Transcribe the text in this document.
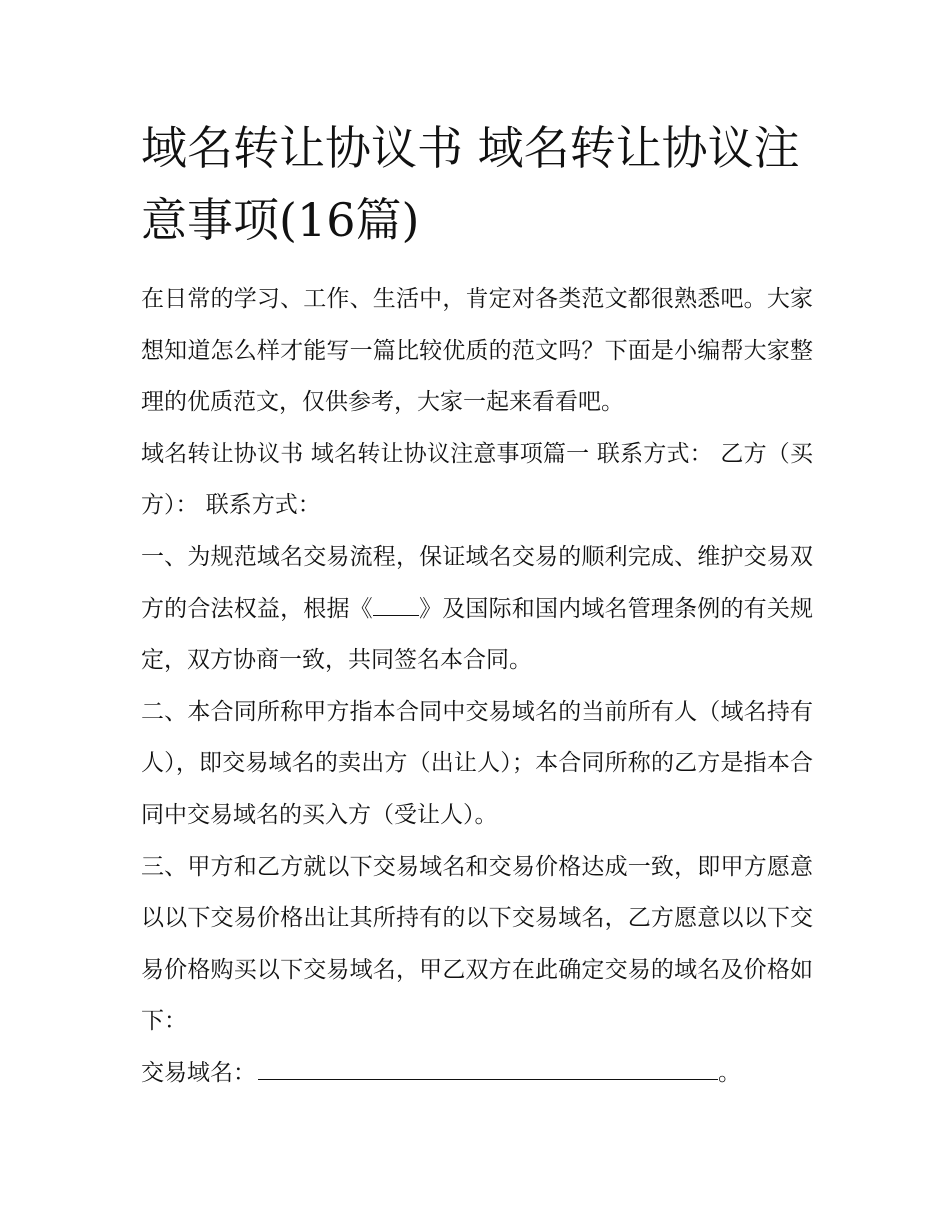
域名转让协议书 域名转让协议注意事项(16篇)

在日常的学习、工作、生活中，肯定对各类范文都很熟悉吧。大家想知道怎么样才能写一篇比较优质的范文吗？下面是小编帮大家整理的优质范文，仅供参考，大家一起来看看吧。

域名转让协议书 域名转让协议注意事项篇一 联系方式： 乙方（买方）： 联系方式：

一、为规范域名交易流程，保证域名交易的顺利完成、维护交易双方的合法权益，根据《 》及国际和国内域名管理条例的有关规定，双方协商一致，共同签名本合同。

二、本合同所称甲方指本合同中交易域名的当前所有人（域名持有人），即交易域名的卖出方（出让人）；本合同所称的乙方是指本合同中交易域名的买入方（受让人）。

三、甲方和乙方就以下交易域名和交易价格达成一致，即甲方愿意以以下交易价格出让其所持有的以下交易域名，乙方愿意以以下交易价格购买以下交易域名，甲乙双方在此确定交易的域名及价格如下：

交易域名：	。
